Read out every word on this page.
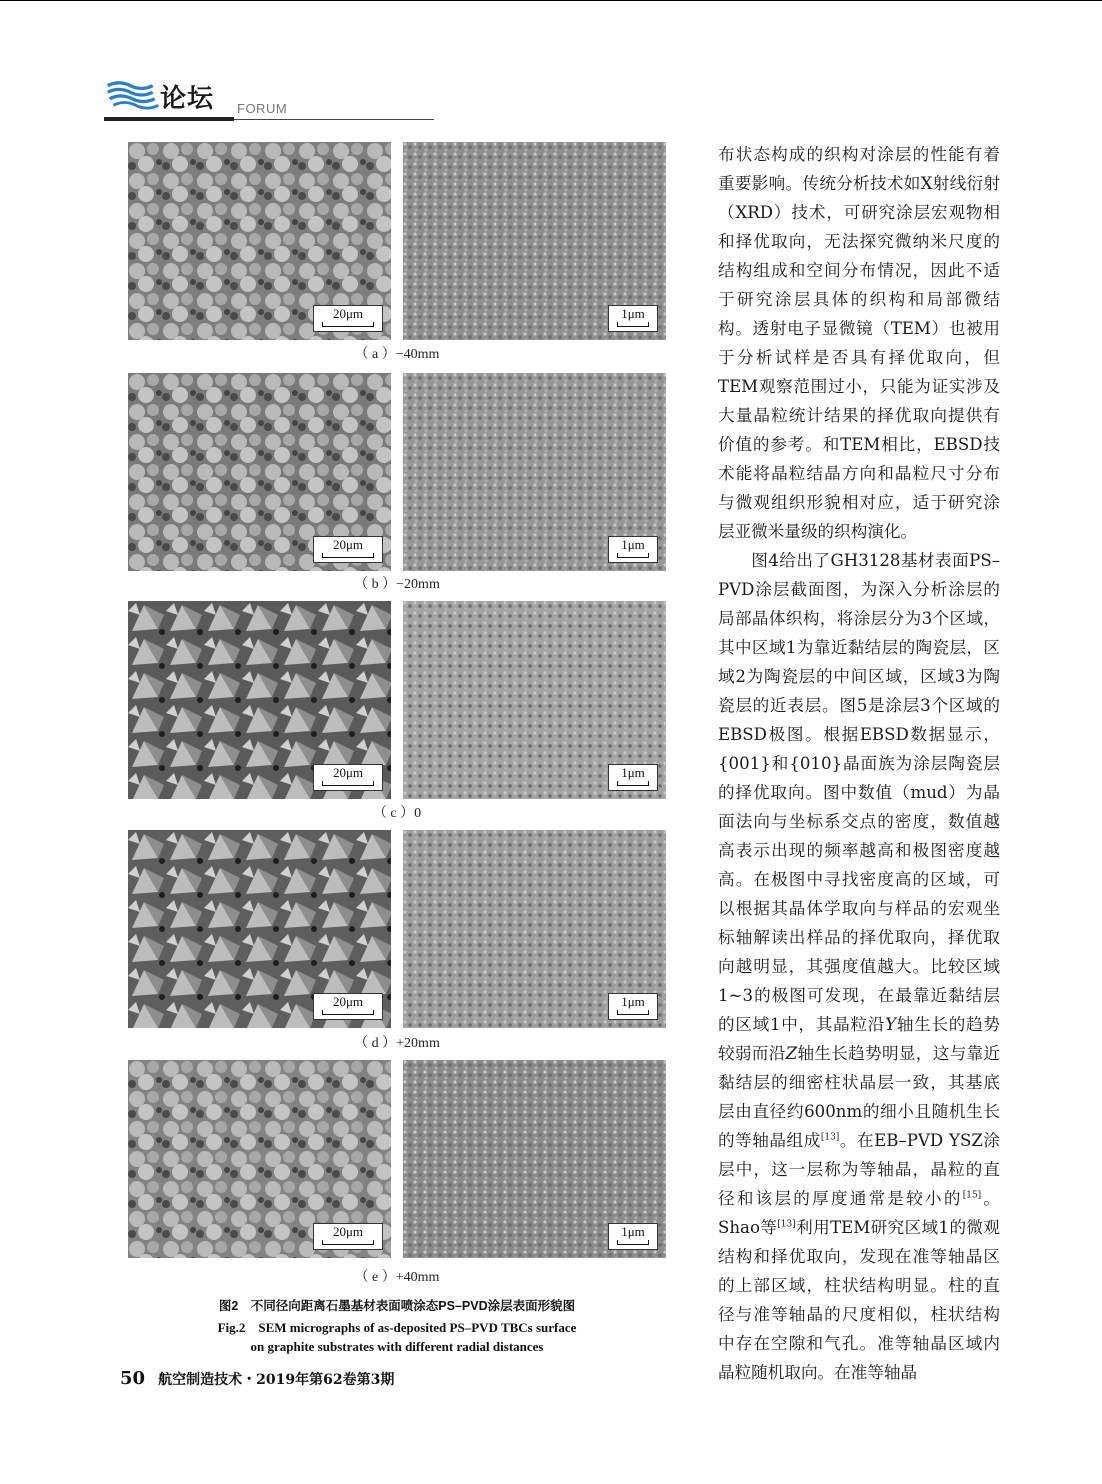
论坛 FORUM
20μm	1μm
（ a ）−40mm
20μm	1μm
（ b ）−20mm
20μm	1μm
（ c ）0
20μm	1μm
（ d ）+20mm
20μm	1μm
（ e ）+40mm
图2　不同径向距离石墨基材表面喷涂态PS–PVD涂层表面形貌图
Fig.2　SEM micrographs of as-deposited PS–PVD TBCs surface
on graphite substrates with different radial distances

布状态构成的织构对涂层的性能有着重要影响。传统分析技术如X射线衍射（XRD）技术，可研究涂层宏观物相和择优取向，无法探究微纳米尺度的结构组成和空间分布情况，因此不适于研究涂层具体的织构和局部微结构。透射电子显微镜（TEM）也被用于分析试样是否具有择优取向，但TEM观察范围过小，只能为证实涉及大量晶粒统计结果的择优取向提供有价值的参考。和TEM相比，EBSD技术能将晶粒结晶方向和晶粒尺寸分布与微观组织形貌相对应，适于研究涂层亚微米量级的织构演化。

图4给出了GH3128基材表面PS–PVD涂层截面图，为深入分析涂层的局部晶体织构，将涂层分为3个区域，其中区域1为靠近黏结层的陶瓷层，区域2为陶瓷层的中间区域，区域3为陶瓷层的近表层。图5是涂层3个区域的EBSD极图。根据EBSD数据显示，{001}和{010}晶面族为涂层陶瓷层的择优取向。图中数值（mud）为晶面法向与坐标系交点的密度，数值越高表示出现的频率越高和极图密度越高。在极图中寻找密度高的区域，可以根据其晶体学取向与样品的宏观坐标轴解读出样品的择优取向，择优取向越明显，其强度值越大。比较区域1~3的极图可发现，在最靠近黏结层的区域1中，其晶粒沿Y轴生长的趋势较弱而沿Z轴生长趋势明显，这与靠近黏结层的细密柱状晶层一致，其基底层由直径约600nm的细小且随机生长的等轴晶组成[13]。在EB–PVD YSZ涂层中，这一层称为等轴晶，晶粒的直径和该层的厚度通常是较小的[15]。Shao等[13]利用TEM研究区域1的微观结构和择优取向，发现在准等轴晶区的上部区域，柱状结构明显。柱的直径与准等轴晶的尺度相似，柱状结构中存在空隙和气孔。准等轴晶区域内晶粒随机取向。在准等轴晶

50 航空制造技术・2019年第62卷第3期
